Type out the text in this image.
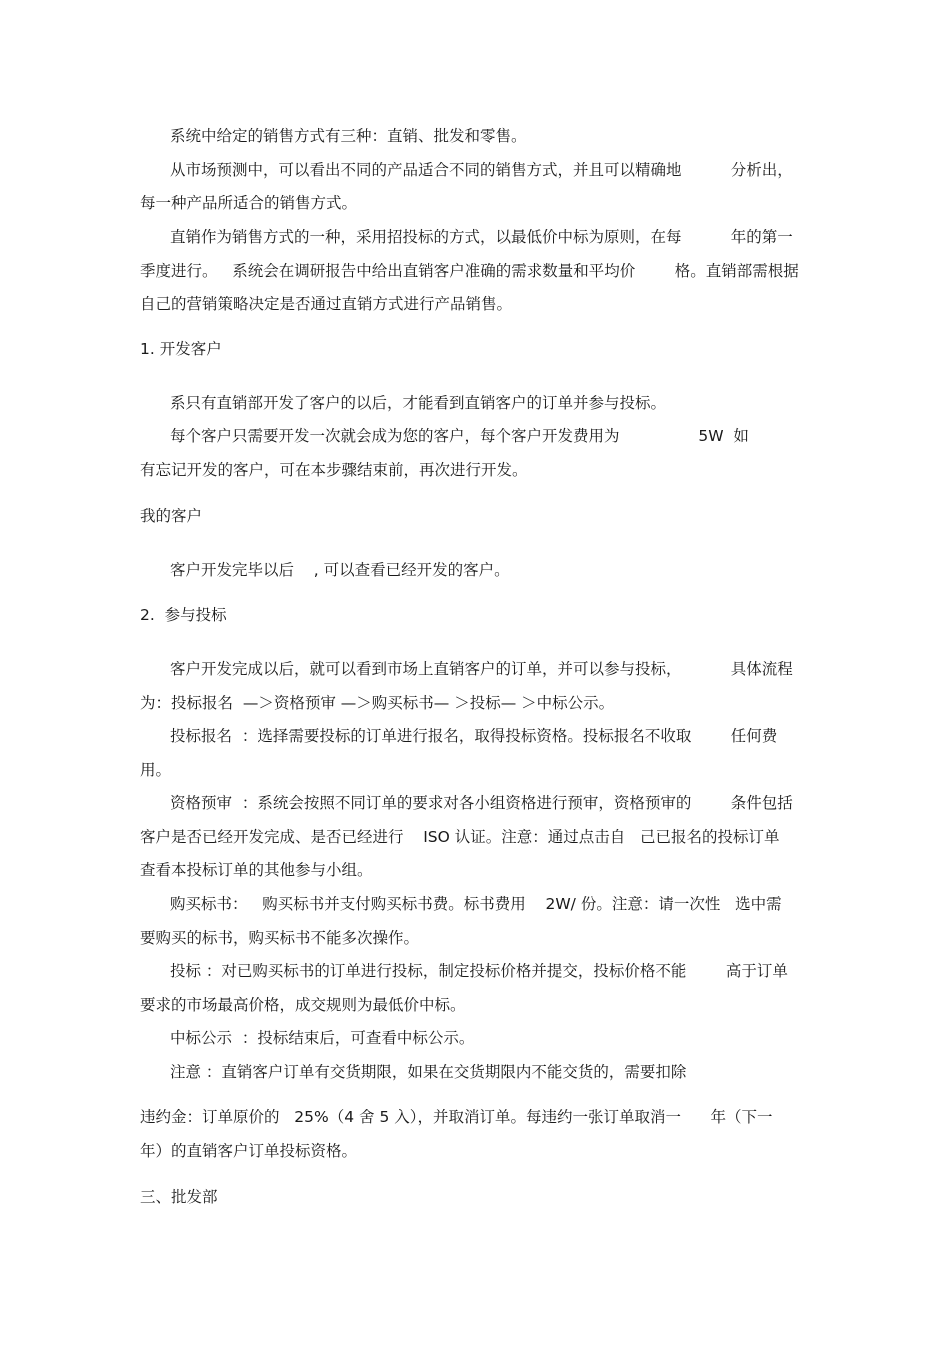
系统中给定的销售方式有三种：直销、批发和零售。
从市场预测中，可以看出不同的产品适合不同的销售方式，并且可以精确地          分析出，
每一种产品所适合的销售方式。
直销作为销售方式的一种，采用招投标的方式，以最低价中标为原则，在每          年的第一
季度进行。   系统会在调研报告中给出直销客户准确的需求数量和平均价        格。直销部需根据
自己的营销策略决定是否通过直销方式进行产品销售。
1. 开发客户
系只有直销部开发了客户的以后，才能看到直销客户的订单并参与投标。
每个客户只需要开发一次就会成为您的客户，每个客户开发费用为                5W  如
有忘记开发的客户，可在本步骤结束前，再次进行开发。
我的客户
客户开发完毕以后    , 可以查看已经开发的客户。
2.  参与投标
客户开发完成以后，就可以看到市场上直销客户的订单，并可以参与投标，          具体流程
为：投标报名  —＞资格预审 —＞购买标书— ＞投标— ＞中标公示。
投标报名  ：选择需要投标的订单进行报名，取得投标资格。投标报名不收取        任何费
用。
资格预审  ：系统会按照不同订单的要求对各小组资格进行预审，资格预审的        条件包括
客户是否已经开发完成、是否已经进行    ISO 认证。注意：通过点击自   己已报名的投标订单
查看本投标订单的其他参与小组。
购买标书：   购买标书并支付购买标书费。标书费用    2W/ 份。注意：请一次性   选中需
要购买的标书，购买标书不能多次操作。
投标 ：对已购买标书的订单进行投标，制定投标价格并提交，投标价格不能        高于订单
要求的市场最高价格，成交规则为最低价中标。
中标公示  ：投标结束后，可查看中标公示。
注意 ：直销客户订单有交货期限，如果在交货期限内不能交货的，需要扣除
违约金：订单原价的   25%（4 舍 5 入），并取消订单。每违约一张订单取消一      年（下一
年）的直销客户订单投标资格。
三、批发部
